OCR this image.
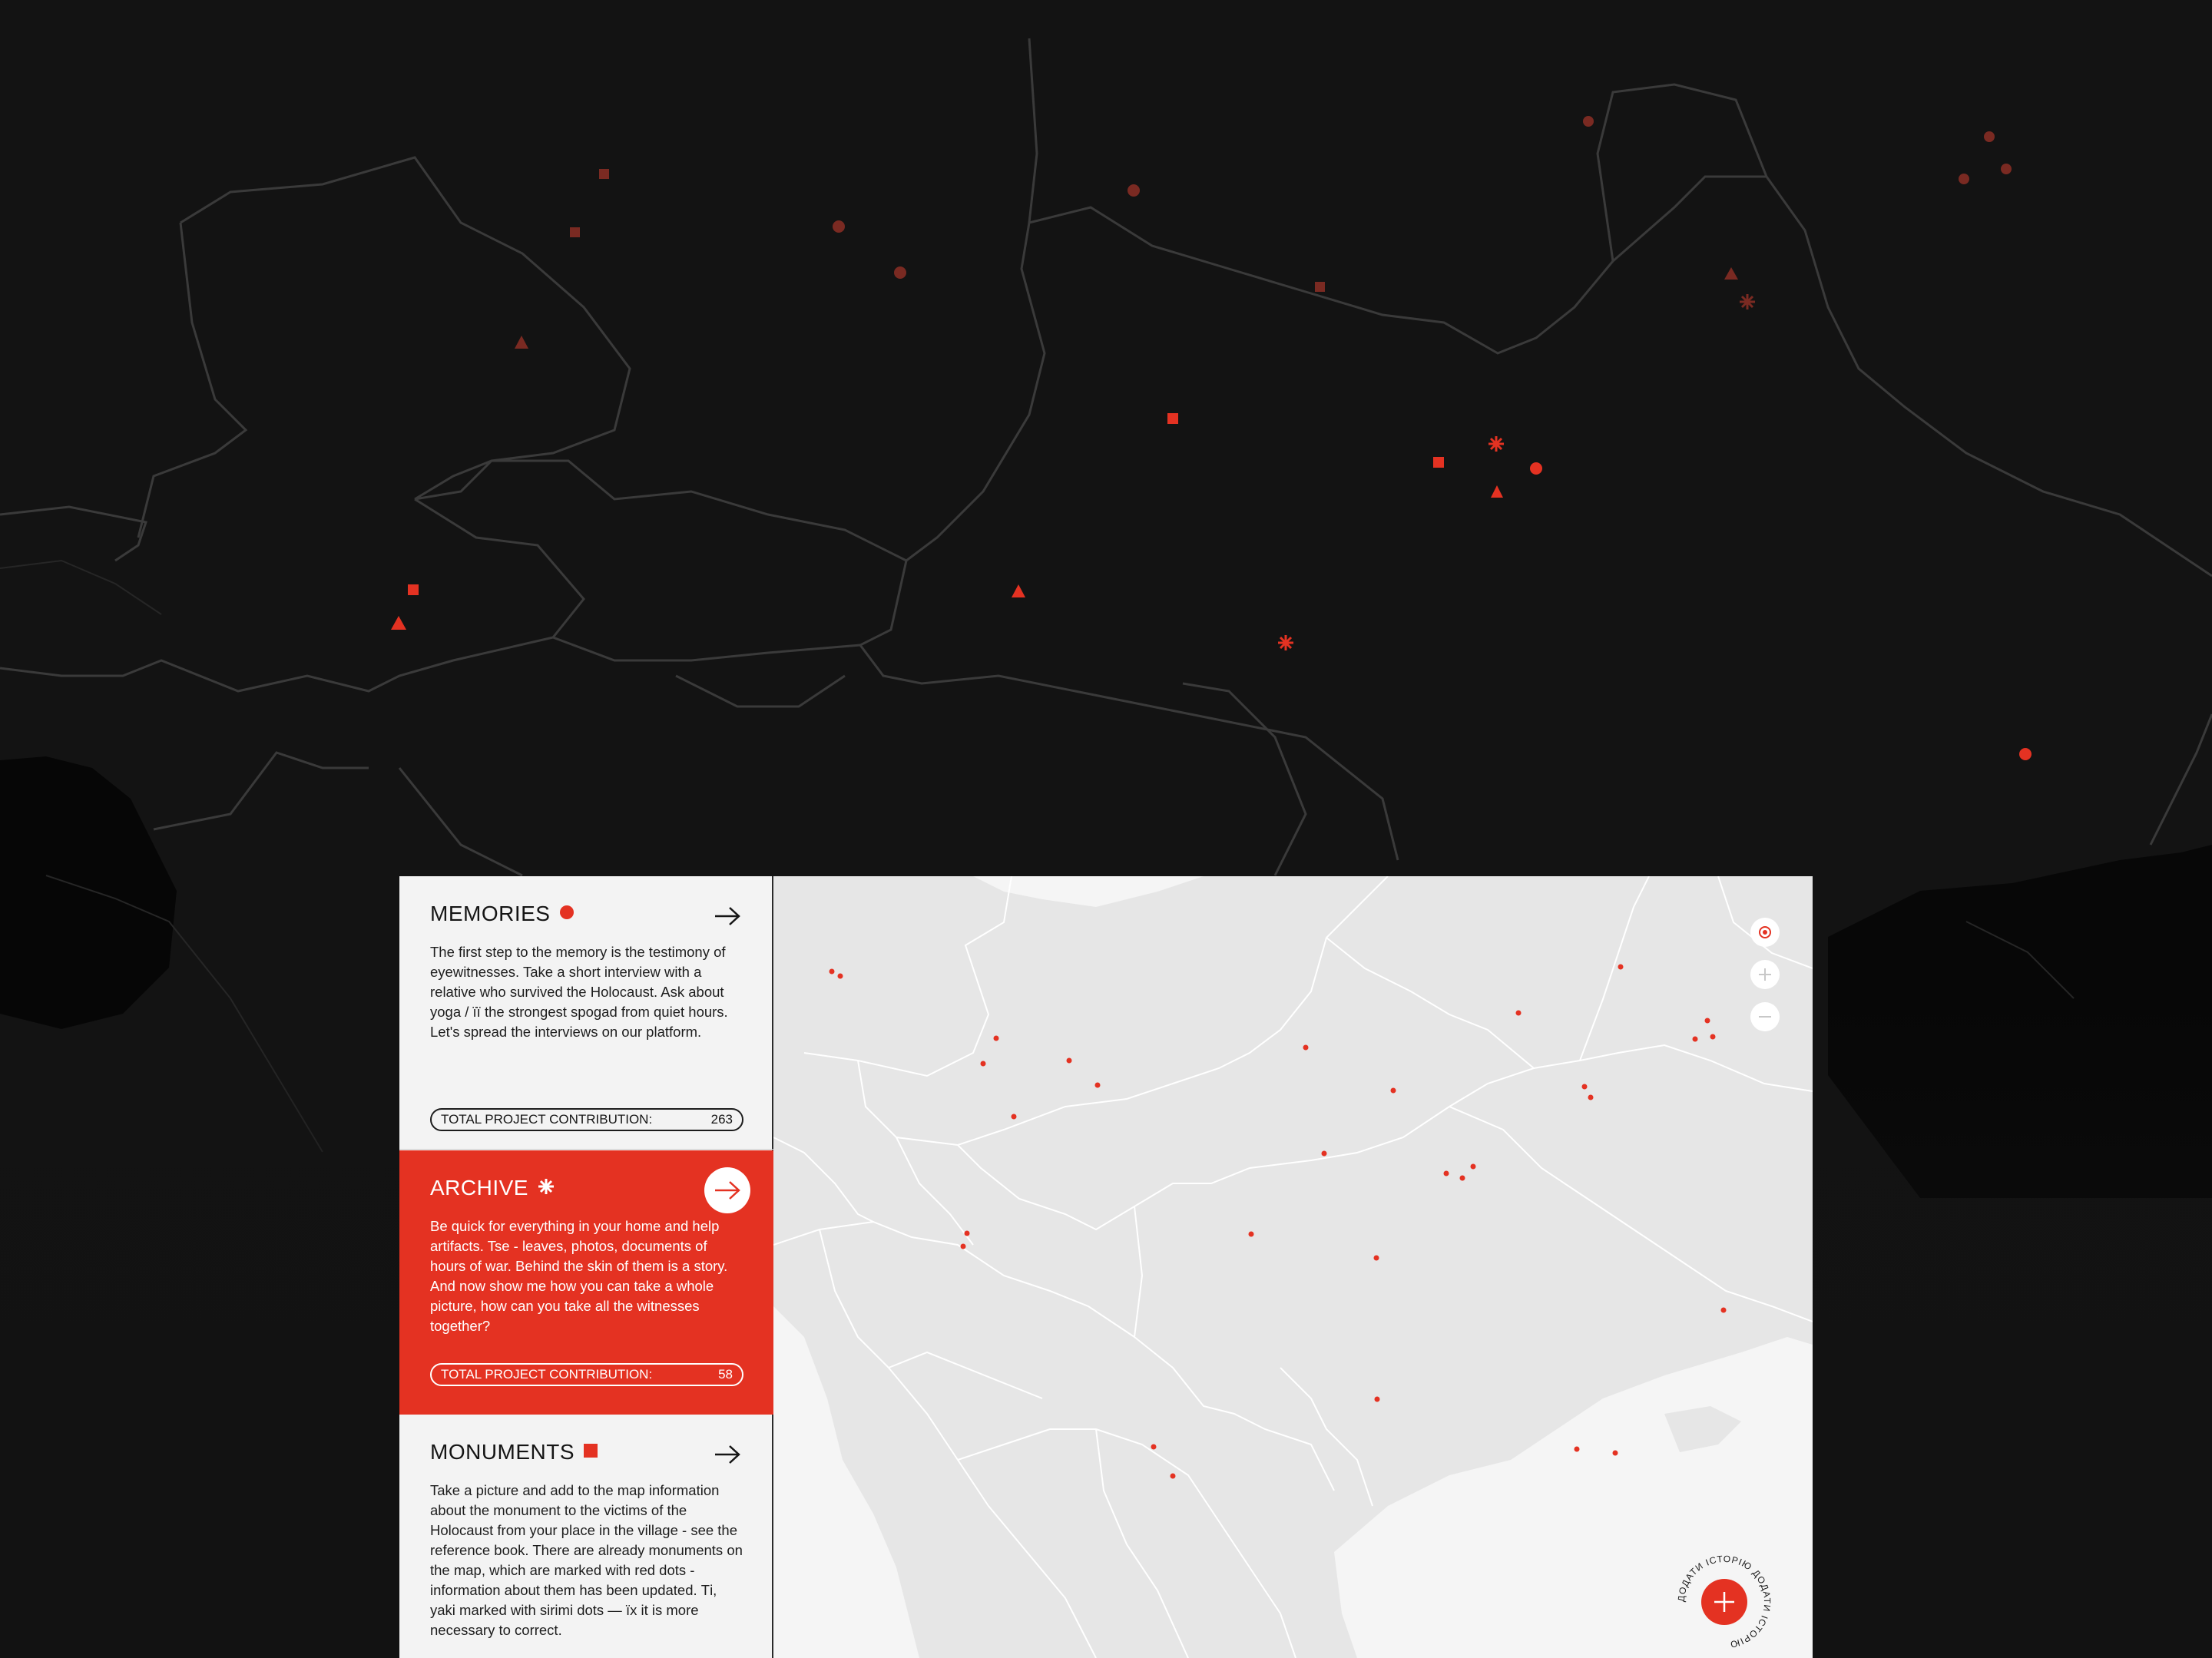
MEMORIES
The first step to the memory is the testimony of eyewitnesses. Take a short interview with a relative who survived the Holocaust. Ask about yoga / її the strongest spogad from quiet hours. Let's spread the interviews on our platform.
TOTAL PROJECT CONTRIBUTION:	263
ARCHIVE
Be quick for everything in your home and help artifacts. Tse - leaves, photos, documents of hours of war. Behind the skin of them is a story. And now show me how you can take a whole picture, how can you take all the witnesses together?
TOTAL PROJECT CONTRIBUTION:	58
MONUMENTS
Take a picture and add to the map information about the monument to the victims of the Holocaust from your place in the village - see the reference book. There are already monuments on the map, which are marked with red dots - information about them has been updated. Ті, yaki marked with sirimi dots — їх it is more necessary to correct.
ДОДАТИ ІСТОРІЮ ДОДАТИ ІСТОРІЮ
